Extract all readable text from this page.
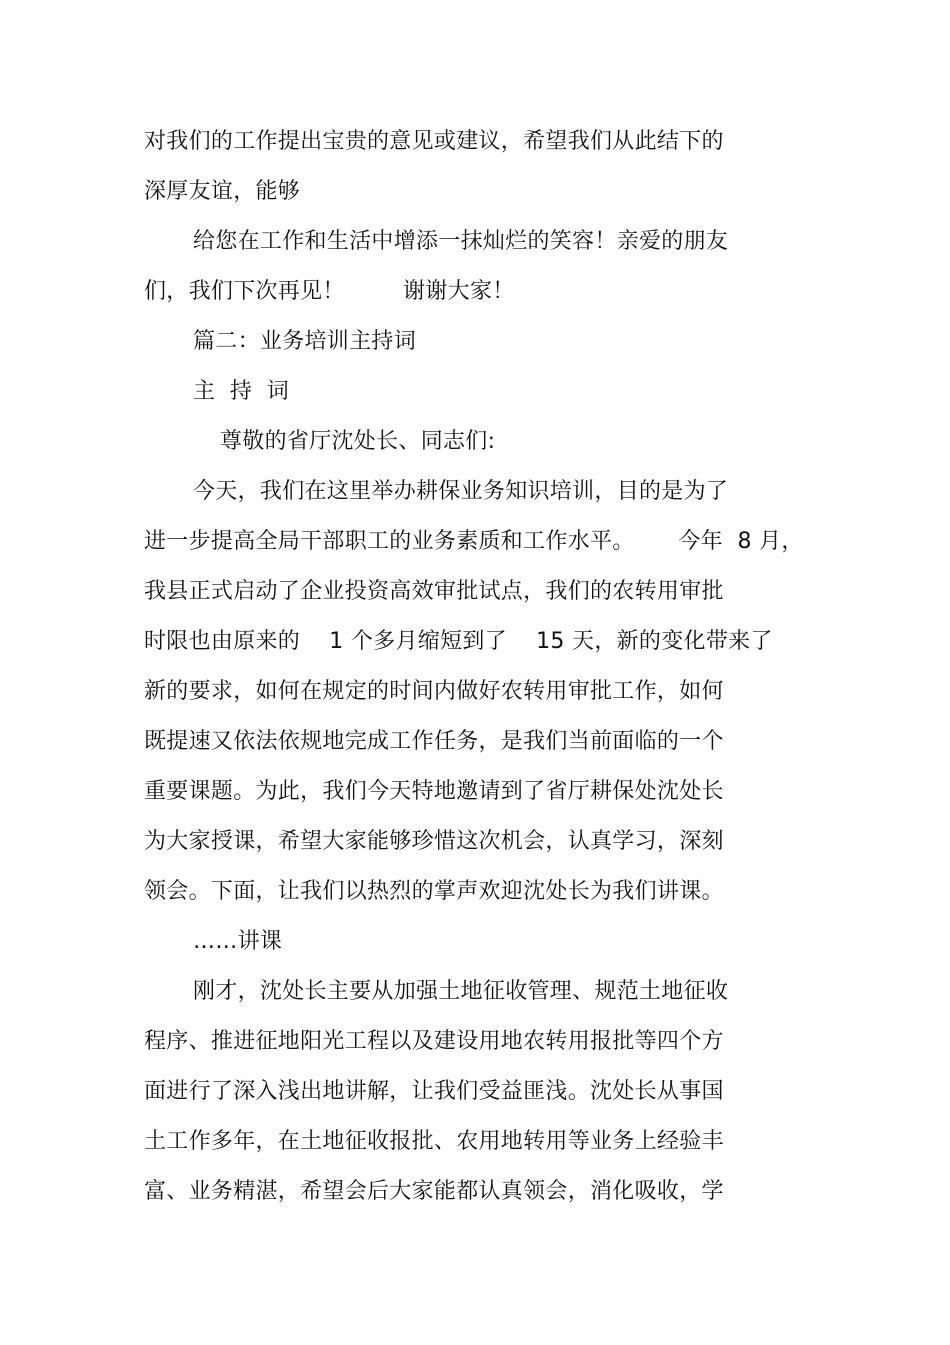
对我们的工作提出宝贵的意见或建议，希望我们从此结下的
深厚友谊，能够
给您在工作和生活中增添一抹灿烂的笑容！亲爱的朋友
们，我们下次再见！        谢谢大家！
篇二：业务培训主持词
主  持  词
尊敬的省厅沈处长、同志们:
今天，我们在这里举办耕保业务知识培训，目的是为了
进一步提高全局干部职工的业务素质和工作水平。      今年  8 月，
我县正式启动了企业投资高效审批试点，我们的农转用审批
时限也由原来的    1 个多月缩短到了    15 天，新的变化带来了
新的要求，如何在规定的时间内做好农转用审批工作，如何
既提速又依法依规地完成工作任务，是我们当前面临的一个
重要课题。为此，我们今天特地邀请到了省厅耕保处沈处长
为大家授课，希望大家能够珍惜这次机会，认真学习，深刻
领会。下面，让我们以热烈的掌声欢迎沈处长为我们讲课。
……讲课
刚才，沈处长主要从加强土地征收管理、规范土地征收
程序、推进征地阳光工程以及建设用地农转用报批等四个方
面进行了深入浅出地讲解，让我们受益匪浅。沈处长从事国
土工作多年，在土地征收报批、农用地转用等业务上经验丰
富、业务精湛，希望会后大家能都认真领会，消化吸收，学
